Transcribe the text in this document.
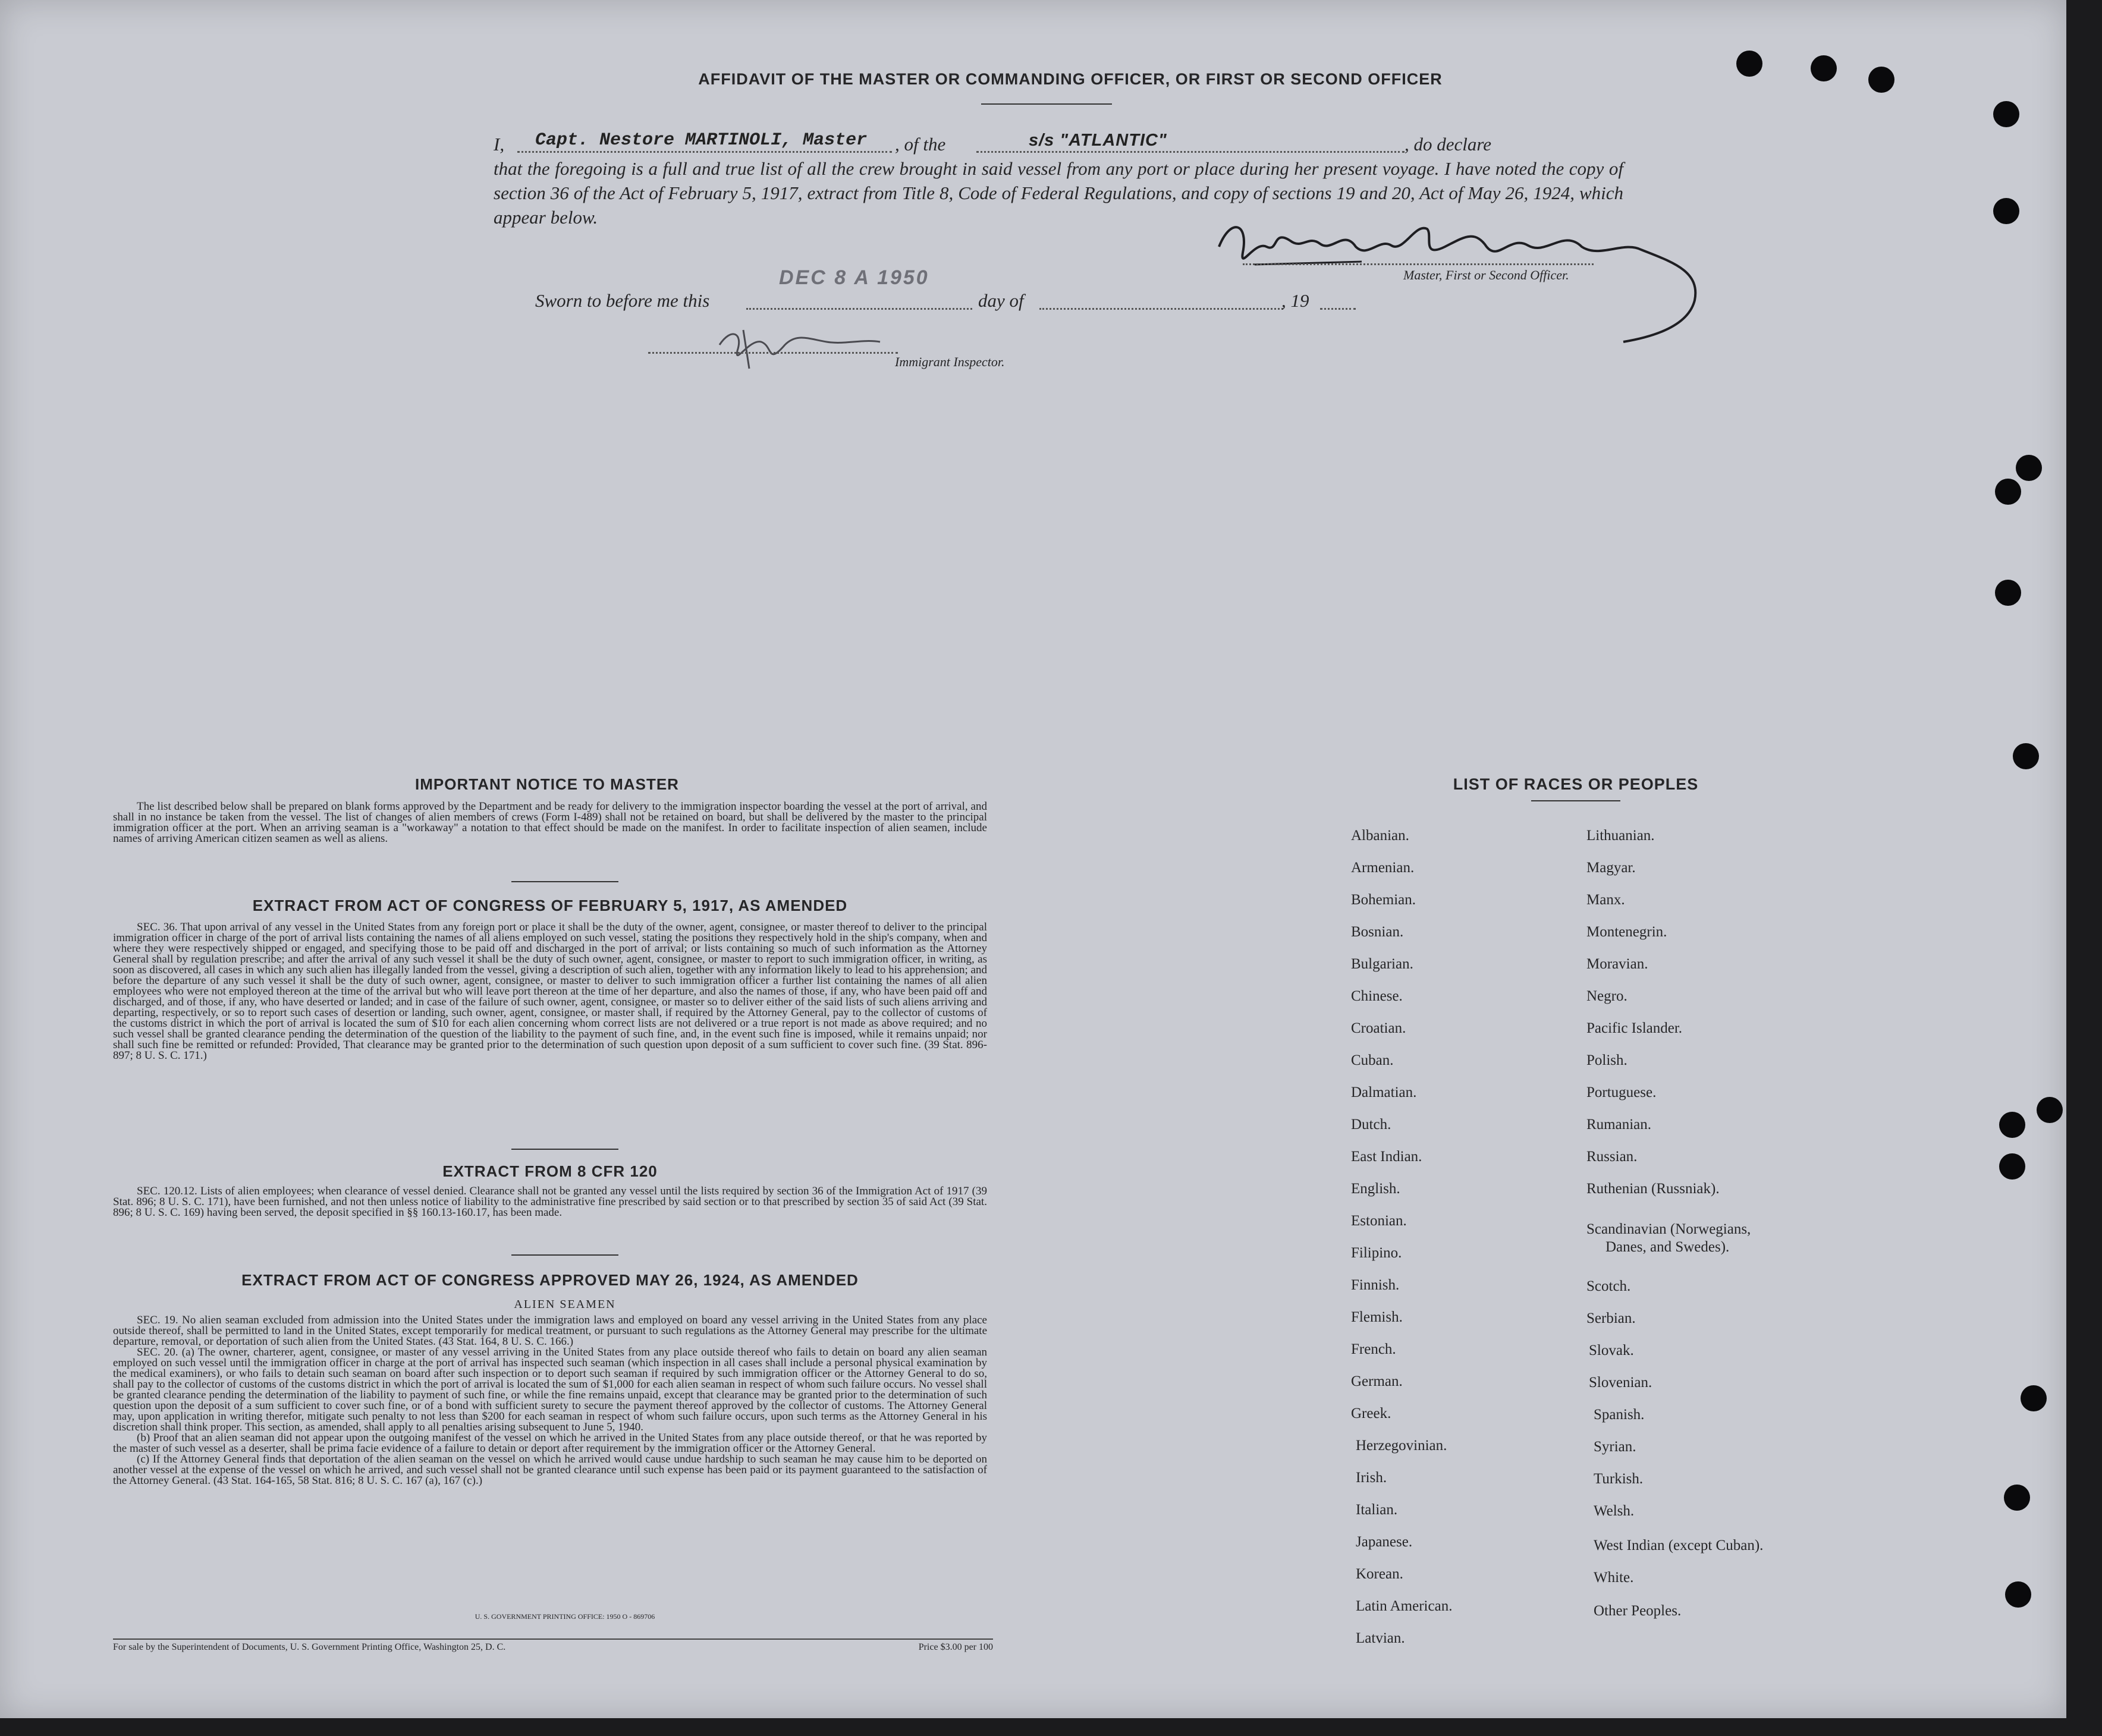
AFFIDAVIT OF THE MASTER OR COMMANDING OFFICER, OR FIRST OR SECOND OFFICER
I, Capt. Nestore MARTINOLI, Master , of the	s/s "ATLANTIC"	, do declare
that the foregoing is a full and true list of all the crew brought in said vessel from any port or place during her present voyage. I have noted the copy of section 36 of the Act of February 5, 1917, extract from Title 8, Code of Federal Regulations, and copy of sections 19 and 20, Act of May 26, 1924, which appear below.
Master, First or Second Officer.
Sworn to before me this
DEC 8 A 1950
day of	, 19
Immigrant Inspector.
IMPORTANT NOTICE TO MASTER

The list described below shall be prepared on blank forms approved by the Department and be ready for delivery to the immigration inspector boarding the vessel at the port of arrival, and shall in no instance be taken from the vessel. The list of changes of alien members of crews (Form I-489) shall not be retained on board, but shall be delivered by the master to the principal immigration officer at the port. When an arriving seaman is a "workaway" a notation to that effect should be made on the manifest. In order to facilitate inspection of alien seamen, include names of arriving American citizen seamen as well as aliens.

EXTRACT FROM ACT OF CONGRESS OF FEBRUARY 5, 1917, AS AMENDED

SEC. 36. That upon arrival of any vessel in the United States from any foreign port or place it shall be the duty of the owner, agent, consignee, or master thereof to deliver to the principal immigration officer in charge of the port of arrival lists containing the names of all aliens employed on such vessel, stating the positions they respectively hold in the ship's company, when and where they were respectively shipped or engaged, and specifying those to be paid off and discharged in the port of arrival; or lists containing so much of such information as the Attorney General shall by regulation prescribe; and after the arrival of any such vessel it shall be the duty of such owner, agent, consignee, or master to report to such immigration officer, in writing, as soon as discovered, all cases in which any such alien has illegally landed from the vessel, giving a description of such alien, together with any information likely to lead to his apprehension; and before the departure of any such vessel it shall be the duty of such owner, agent, consignee, or master to deliver to such immigration officer a further list containing the names of all alien employees who were not employed thereon at the time of the arrival but who will leave port thereon at the time of her departure, and also the names of those, if any, who have been paid off and discharged, and of those, if any, who have deserted or landed; and in case of the failure of such owner, agent, consignee, or master so to deliver either of the said lists of such aliens arriving and departing, respectively, or so to report such cases of desertion or landing, such owner, agent, consignee, or master shall, if required by the Attorney General, pay to the collector of customs of the customs district in which the port of arrival is located the sum of $10 for each alien concerning whom correct lists are not delivered or a true report is not made as above required; and no such vessel shall be granted clearance pending the determination of the question of the liability to the payment of such fine, and, in the event such fine is imposed, while it remains unpaid; nor shall such fine be remitted or refunded: Provided, That clearance may be granted prior to the determination of such question upon deposit of a sum sufficient to cover such fine. (39 Stat. 896-897; 8 U. S. C. 171.)

EXTRACT FROM 8 CFR 120

SEC. 120.12. Lists of alien employees; when clearance of vessel denied. Clearance shall not be granted any vessel until the lists required by section 36 of the Immigration Act of 1917 (39 Stat. 896; 8 U. S. C. 171), have been furnished, and not then unless notice of liability to the administrative fine prescribed by said section or to that prescribed by section 35 of said Act (39 Stat. 896; 8 U. S. C. 169) having been served, the deposit specified in §§ 160.13-160.17, has been made.

EXTRACT FROM ACT OF CONGRESS APPROVED MAY 26, 1924, AS AMENDED
ALIEN SEAMEN

SEC. 19. No alien seaman excluded from admission into the United States under the immigration laws and employed on board any vessel arriving in the United States from any place outside thereof, shall be permitted to land in the United States, except temporarily for medical treatment, or pursuant to such regulations as the Attorney General may prescribe for the ultimate departure, removal, or deportation of such alien from the United States. (43 Stat. 164, 8 U. S. C. 166.)

SEC. 20. (a) The owner, charterer, agent, consignee, or master of any vessel arriving in the United States from any place outside thereof who fails to detain on board any alien seaman employed on such vessel until the immigration officer in charge at the port of arrival has inspected such seaman (which inspection in all cases shall include a personal physical examination by the medical examiners), or who fails to detain such seaman on board after such inspection or to deport such seaman if required by such immigration officer or the Attorney General to do so, shall pay to the collector of customs of the customs district in which the port of arrival is located the sum of $1,000 for each alien seaman in respect of whom such failure occurs. No vessel shall be granted clearance pending the determination of the liability to payment of such fine, or while the fine remains unpaid, except that clearance may be granted prior to the determination of such question upon the deposit of a sum sufficient to cover such fine, or of a bond with sufficient surety to secure the payment thereof approved by the collector of customs. The Attorney General may, upon application in writing therefor, mitigate such penalty to not less than $200 for each seaman in respect of whom such failure occurs, upon such terms as the Attorney General in his discretion shall think proper. This section, as amended, shall apply to all penalties arising subsequent to June 5, 1940.

(b) Proof that an alien seaman did not appear upon the outgoing manifest of the vessel on which he arrived in the United States from any place outside thereof, or that he was reported by the master of such vessel as a deserter, shall be prima facie evidence of a failure to detain or deport after requirement by the immigration officer or the Attorney General.

(c) If the Attorney General finds that deportation of the alien seaman on the vessel on which he arrived would cause undue hardship to such seaman he may cause him to be deported on another vessel at the expense of the vessel on which he arrived, and such vessel shall not be granted clearance until such expense has been paid or its payment guaranteed to the satisfaction of the Attorney General. (43 Stat. 164-165, 58 Stat. 816; 8 U. S. C. 167 (a), 167 (c).)

U. S. GOVERNMENT PRINTING OFFICE: 1950 O - 869706
For sale by the Superintendent of Documents, U. S. Government Printing Office, Washington 25, D. C.	Price $3.00 per 100
LIST OF RACES OR PEOPLES
Albanian.
Armenian.
Bohemian.
Bosnian.
Bulgarian.
Chinese.
Croatian.
Cuban.
Dalmatian.
Dutch.
East Indian.
English.
Estonian.
Filipino.
Finnish.
Flemish.
French.
German.
Greek.
Herzegovinian.
Irish.
Italian.
Japanese.
Korean.
Latin American.
Latvian.
Lithuanian.
Magyar.
Manx.
Montenegrin.
Moravian.
Negro.
Pacific Islander.
Polish.
Portuguese.
Rumanian.
Russian.
Ruthenian (Russniak).
Scandinavian (Norwegians,
Danes, and Swedes).
Scotch.
Serbian.
Slovak.
Slovenian.
Spanish.
Syrian.
Turkish.
Welsh.
West Indian (except Cuban).
White.
Other Peoples.
